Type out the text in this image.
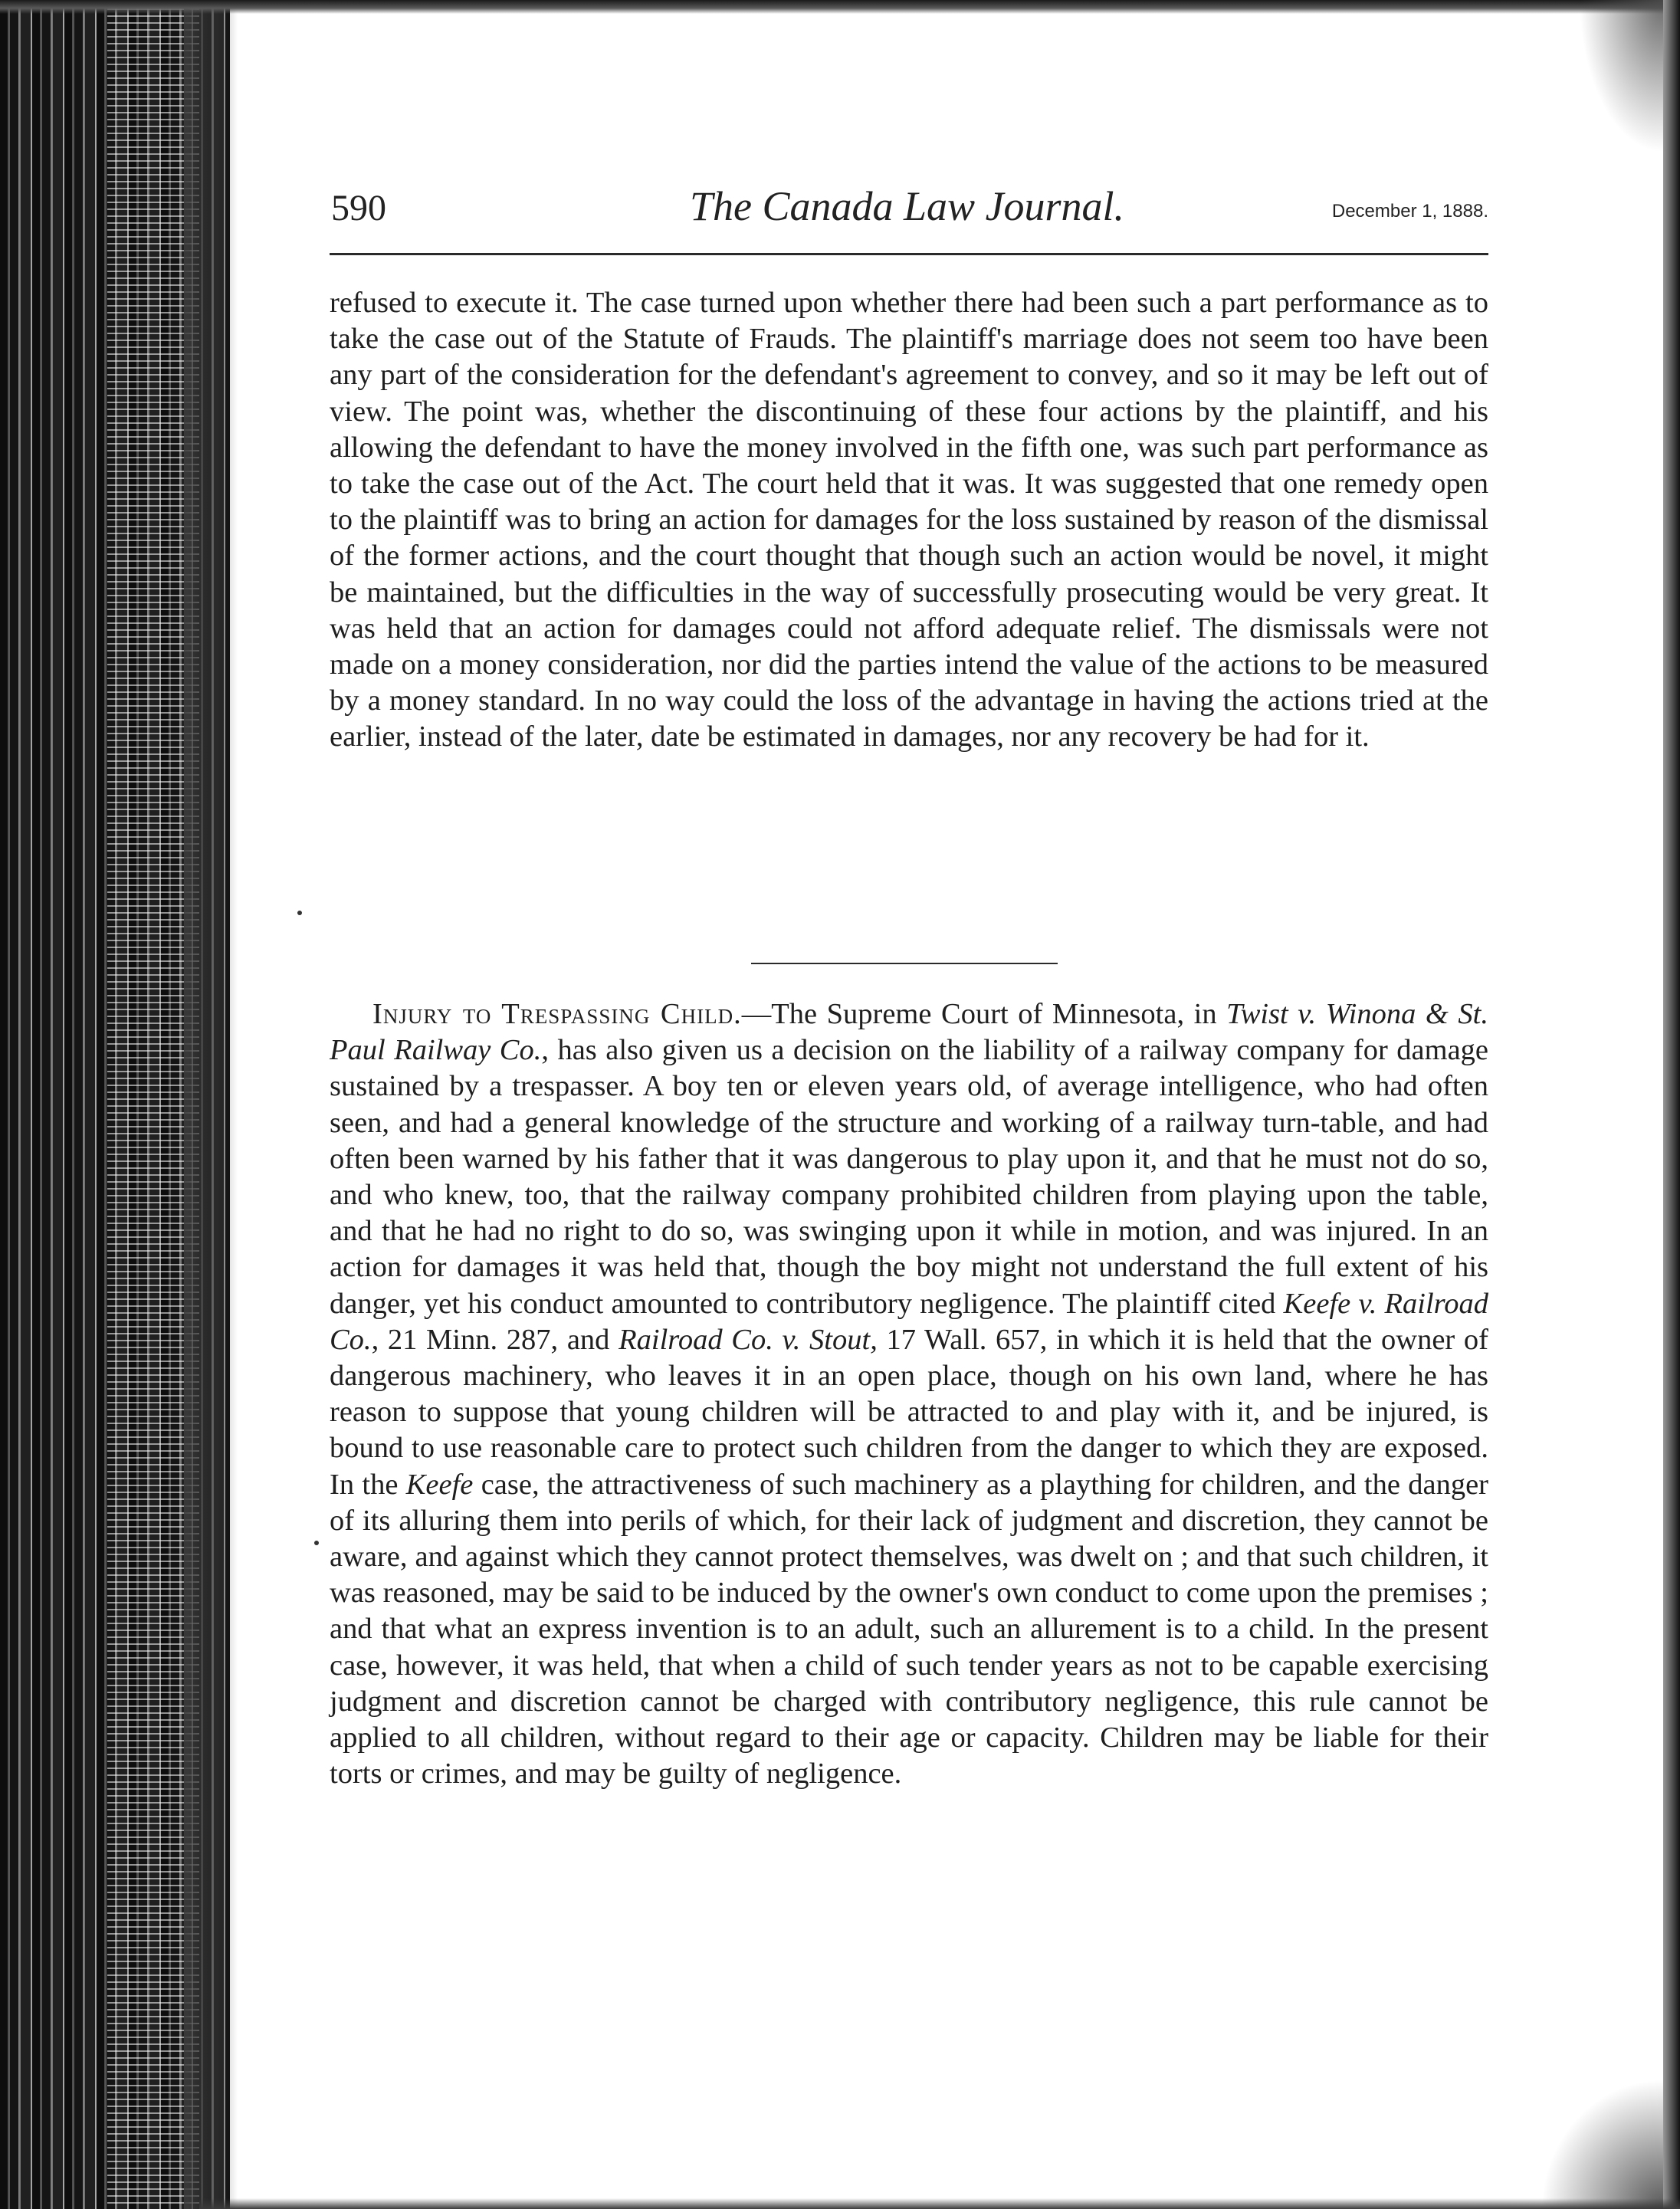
590	The Canada Law Journal.	December 1, 1888.

refused to execute it. The case turned upon whether there had been such a part performance as to take the case out of the Statute of Frauds. The plaintiff's marriage does not seem too have been any part of the consideration for the defendant's agreement to convey, and so it may be left out of view. The point was, whether the discontinuing of these four actions by the plaintiff, and his allowing the defendant to have the money involved in the fifth one, was such part performance as to take the case out of the Act. The court held that it was. It was suggested that one remedy open to the plaintiff was to bring an action for damages for the loss sustained by reason of the dismissal of the former actions, and the court thought that though such an action would be novel, it might be maintained, but the difficulties in the way of successfully prosecuting would be very great. It was held that an action for damages could not afford adequate relief. The dismissals were not made on a money consideration, nor did the parties intend the value of the actions to be measured by a money standard. In no way could the loss of the advantage in having the actions tried at the earlier, instead of the later, date be estimated in damages, nor any recovery be had for it.

Injury to Trespassing Child.—The Supreme Court of Minnesota, in Twist v. Winona & St. Paul Railway Co., has also given us a decision on the liability of a railway company for damage sustained by a trespasser. A boy ten or eleven years old, of average intelligence, who had often seen, and had a general knowledge of the structure and working of a railway turn-table, and had often been warned by his father that it was dangerous to play upon it, and that he must not do so, and who knew, too, that the railway company prohibited children from playing upon the table, and that he had no right to do so, was swinging upon it while in motion, and was injured. In an action for damages it was held that, though the boy might not understand the full extent of his danger, yet his conduct amounted to contributory negligence. The plaintiff cited Keefe v. Railroad Co., 21 Minn. 287, and Railroad Co. v. Stout, 17 Wall. 657, in which it is held that the owner of dangerous machinery, who leaves it in an open place, though on his own land, where he has reason to suppose that young children will be attracted to and play with it, and be injured, is bound to use reasonable care to protect such children from the danger to which they are exposed. In the Keefe case, the attractiveness of such machinery as a plaything for children, and the danger of its alluring them into perils of which, for their lack of judgment and discretion, they cannot be aware, and against which they cannot protect themselves, was dwelt on ; and that such children, it was reasoned, may be said to be induced by the owner's own conduct to come upon the premises ; and that what an express invention is to an adult, such an allurement is to a child. In the present case, however, it was held, that when a child of such tender years as not to be capable exercising judgment and discretion cannot be charged with contributory negligence, this rule cannot be applied to all children, without regard to their age or capacity. Children may be liable for their torts or crimes, and may be guilty of negligence.
